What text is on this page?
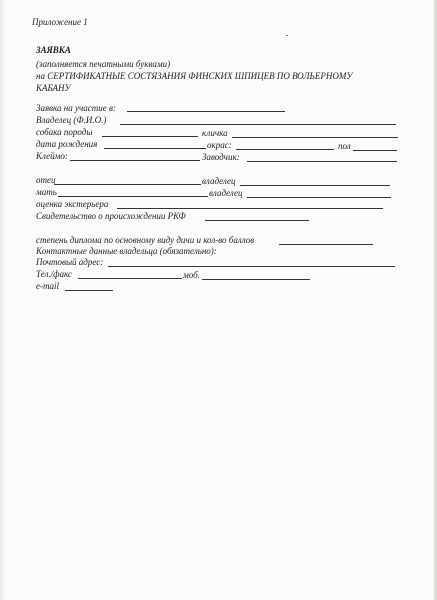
Приложение 1
ЗАЯВКА
(заполняется печатными буквами)
на СЕРТИФИКАТНЫЕ СОСТЯЗАНИЯ ФИНСКИХ ШПИЦЕВ ПО ВОЛЬЕРНОМУ
КАБАНУ
Заявка на участие в:
Владелец (Ф.И.О.)
собака породы	кличка
дата рождения	окрас:	пол
Клеймо:	Заводчик:
отец	владелец
мать	владелец
оценка экстерьера
Свидетельство о происхождении РКФ
степень диплома по основному виду дичи и кол-во баллов
Контактные данные владельца (обязательно):
Почтовый адрес:
Тел./факс	моб.
e-mail
